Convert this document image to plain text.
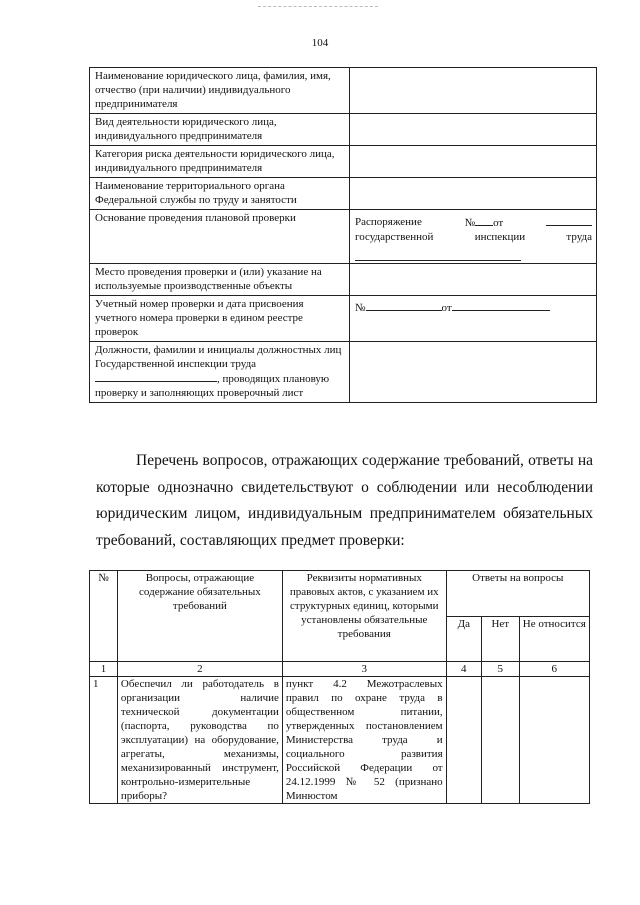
104
Наименование юридического лица, фамилия, имя, отчество (при наличии) индивидуального предпринимателя	
Вид деятельности юридического лица, индивидуального предпринимателя	
Категория риска деятельности юридического лица, индивидуального предпринимателя	
Наименование территориального органа Федеральной службы по труду и занятости	
Основание проведения плановой проверки	Распоряжение № от
государственной инспекции труда

Место проведения проверки и (или) указание на используемые производственные объекты	
Учетный номер проверки и дата присвоения учетного номера проверки в едином реестре проверок	№ от

Должности, фамилии и инициалы должностных лиц Государственной инспекции труда , проводящих плановую проверку и заполняющих проверочный лист	

Перечень вопросов, отражающих содержание требований, ответы на которые однозначно свидетельствуют о соблюдении или несоблюдении юридическим лицом, индивидуальным предпринимателем обязательных требований, составляющих предмет проверки:

№	Вопросы, отражающие содержание обязательных требований	Реквизиты нормативных правовых актов, с указанием их структурных единиц, которыми установлены обязательные требования	Ответы на вопросы		
			Да	Нет	Не относится
1	2	3	4	5	6
1	Обеспечил ли работодатель в организации наличие технической документации (паспорта, руководства по эксплуатации) на оборудование, агрегаты, механизмы, механизированный инструмент, контрольно-измерительные приборы?	пункт 4.2 Межотраслевых правил по охране труда в общественном питании, утвержденных постановлением Министерства труда и социального развития Российской Федерации от 24.12.1999 № 52 (признано Минюстом			
